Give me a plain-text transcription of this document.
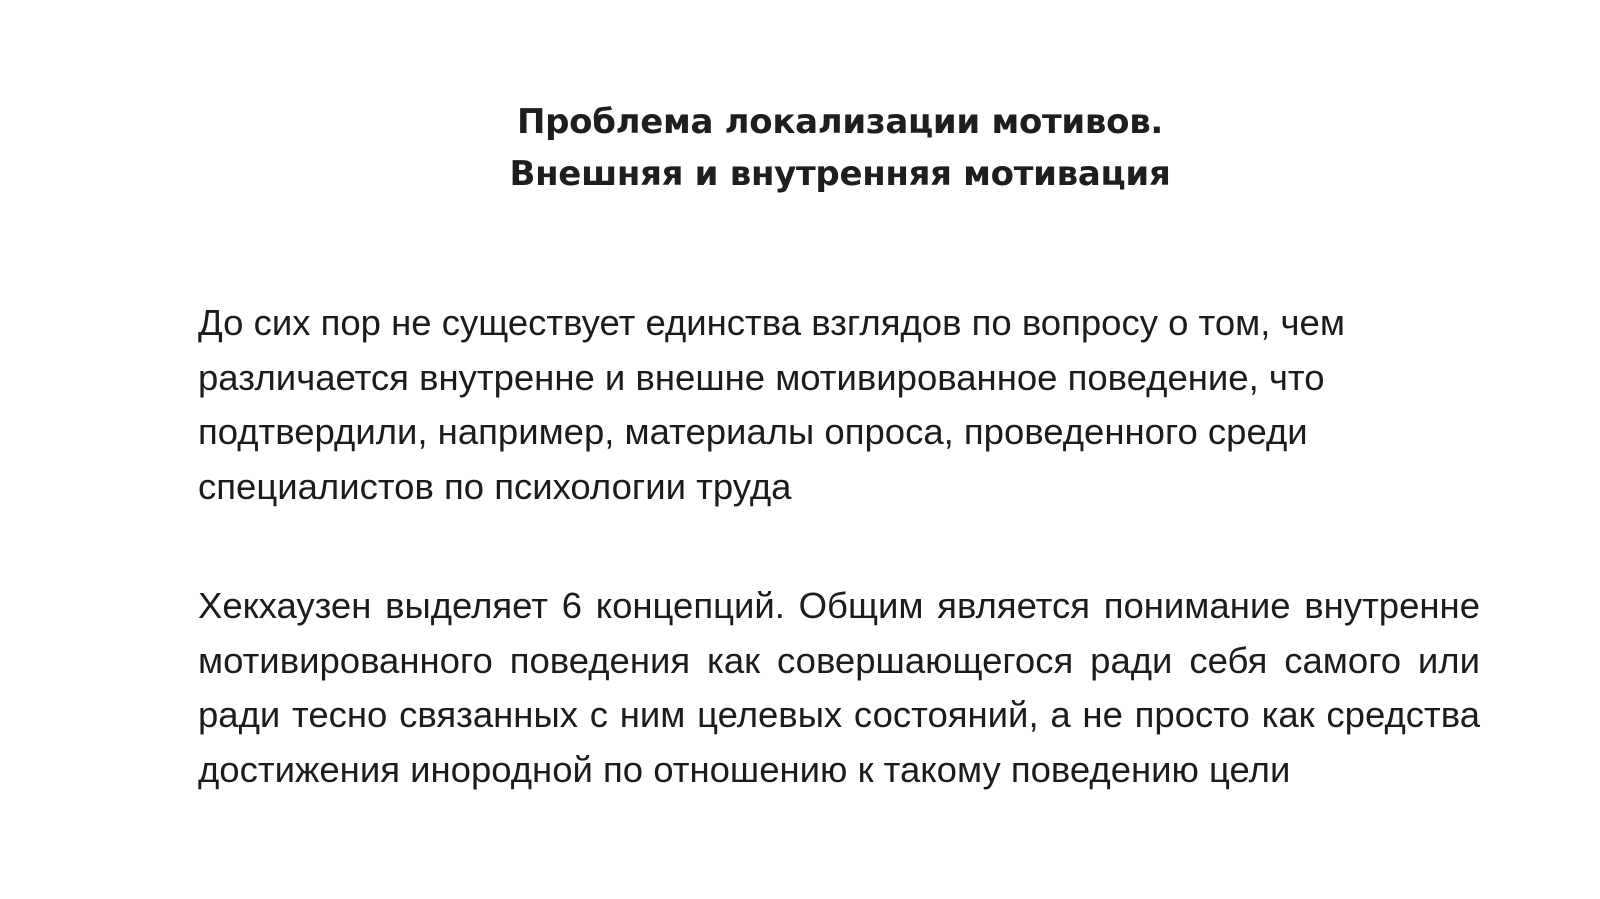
Проблема локализации мотивов.
Внешняя и внутренняя мотивация
До сих пор не существует единства взглядов по вопросу о том, чем различается внутренне и внешне мотивированное поведение, что подтвердили, например, материалы опроса, проведенного среди специалистов по психологии труда
Хекхаузен выделяет 6 концепций. Общим является понимание внутренне мотивированного поведения как совершающегося ради себя самого или ради тесно связанных с ним целевых состояний, а не просто как средства достижения инородной по отношению к такому поведению цели
